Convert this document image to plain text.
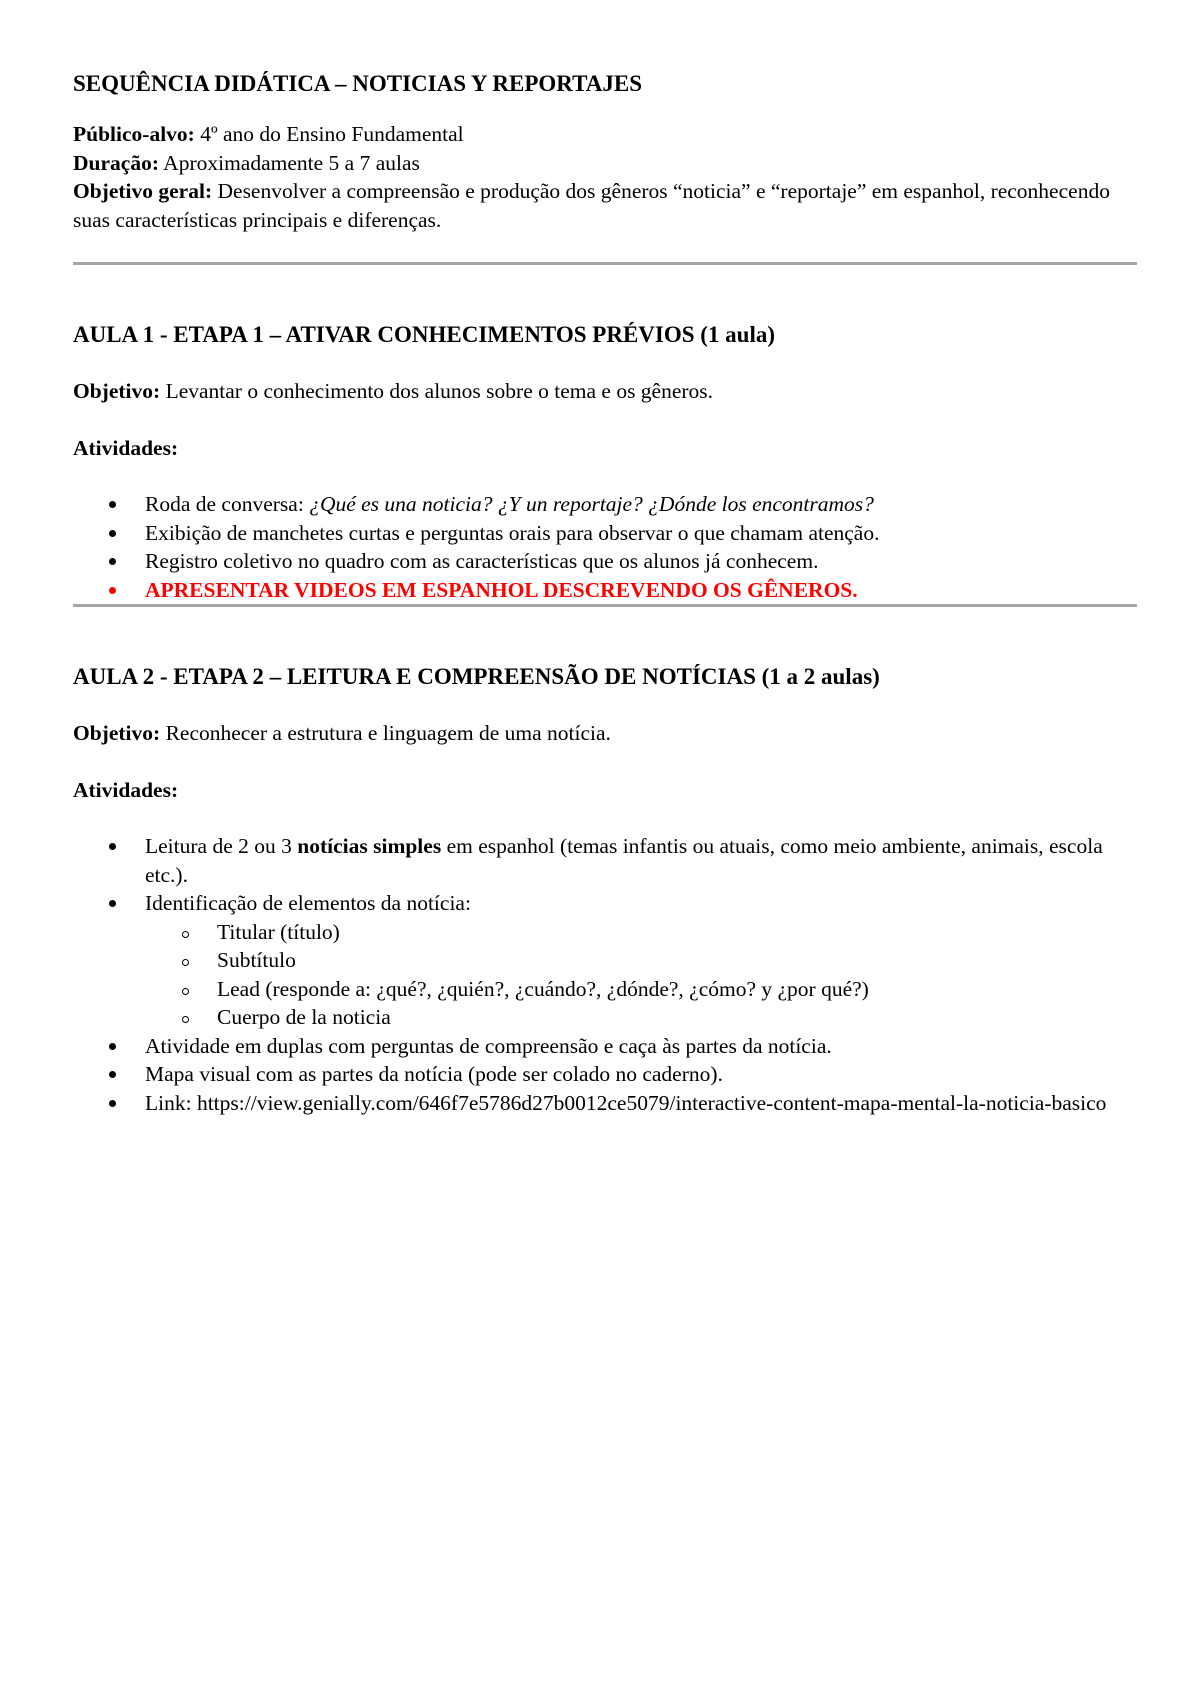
SEQUÊNCIA DIDÁTICA – NOTICIAS Y REPORTAJES
Público-alvo: 4º ano do Ensino Fundamental
Duração: Aproximadamente 5 a 7 aulas
Objetivo geral: Desenvolver a compreensão e produção dos gêneros “noticia” e “reportaje” em espanhol, reconhecendo suas características principais e diferenças.
AULA 1 - ETAPA 1 – ATIVAR CONHECIMENTOS PRÉVIOS (1 aula)
Objetivo: Levantar o conhecimento dos alunos sobre o tema e os gêneros.
Atividades:
Roda de conversa: ¿Qué es una noticia? ¿Y un reportaje? ¿Dónde los encontramos?
Exibição de manchetes curtas e perguntas orais para observar o que chamam atenção.
Registro coletivo no quadro com as características que os alunos já conhecem.
APRESENTAR VIDEOS EM ESPANHOL DESCREVENDO OS GÊNEROS.
AULA 2 - ETAPA 2 – LEITURA E COMPREENSÃO DE NOTÍCIAS (1 a 2 aulas)
Objetivo: Reconhecer a estrutura e linguagem de uma notícia.
Atividades:
Leitura de 2 ou 3 notícias simples em espanhol (temas infantis ou atuais, como meio ambiente, animais, escola etc.).
Identificação de elementos da notícia:
Titular (título)
Subtítulo
Lead (responde a: ¿qué?, ¿quién?, ¿cuándo?, ¿dónde?, ¿cómo? y ¿por qué?)
Cuerpo de la noticia
Atividade em duplas com perguntas de compreensão e caça às partes da notícia.
Mapa visual com as partes da notícia (pode ser colado no caderno).
Link: https://view.genially.com/646f7e5786d27b0012ce5079/interactive-content-mapa-mental-la-noticia-basico
